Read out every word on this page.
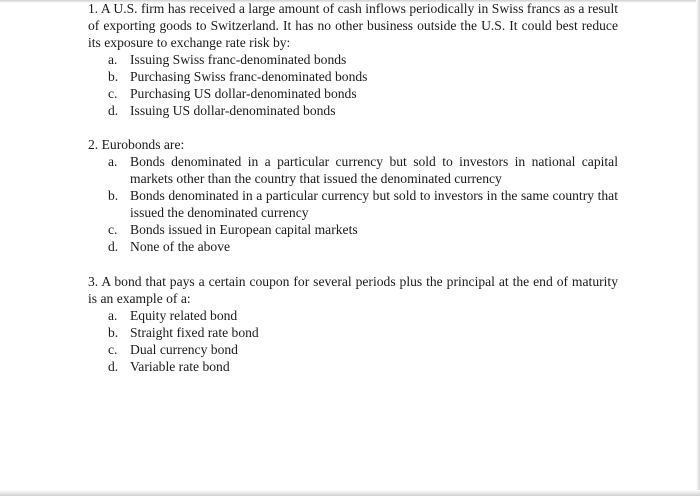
1. A U.S. firm has received a large amount of cash inflows periodically in Swiss francs as a result of exporting goods to Switzerland. It has no other business outside the U.S. It could best reduce its exposure to exchange rate risk by:
a. Issuing Swiss franc-denominated bonds
b. Purchasing Swiss franc-denominated bonds
c. Purchasing US dollar-denominated bonds
d. Issuing US dollar-denominated bonds
2. Eurobonds are:
a. Bonds denominated in a particular currency but sold to investors in national capital markets other than the country that issued the denominated currency
b. Bonds denominated in a particular currency but sold to investors in the same country that issued the denominated currency
c. Bonds issued in European capital markets
d. None of the above
3. A bond that pays a certain coupon for several periods plus the principal at the end of maturity is an example of a:
a. Equity related bond
b. Straight fixed rate bond
c. Dual currency bond
d. Variable rate bond
